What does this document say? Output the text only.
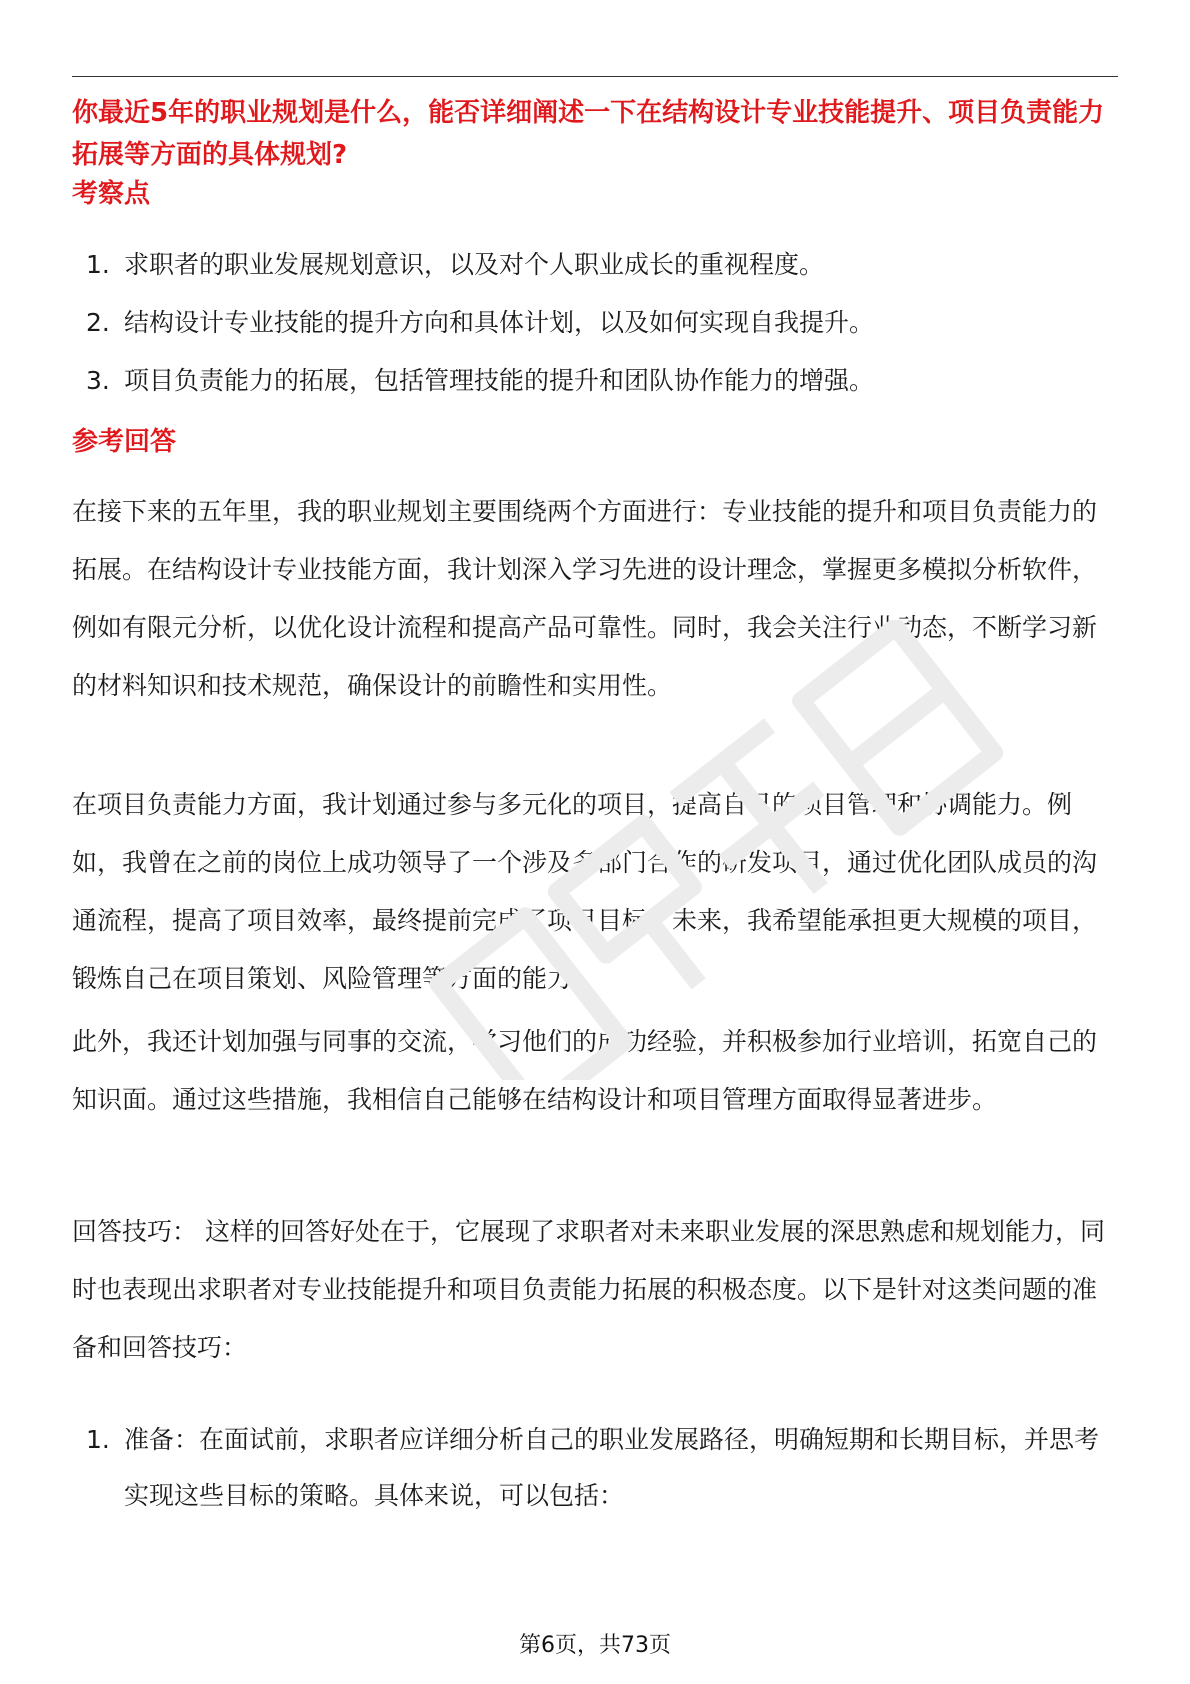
你最近5年的职业规划是什么，能否详细阐述一下在结构设计专业技能提升、项目负责能力拓展等方面的具体规划?
考察点
1. 求职者的职业发展规划意识，以及对个人职业成长的重视程度。
2. 结构设计专业技能的提升方向和具体计划，以及如何实现自我提升。
3. 项目负责能力的拓展，包括管理技能的提升和团队协作能力的增强。
参考回答

在接下来的五年里，我的职业规划主要围绕两个方面进行：专业技能的提升和项目负责能力的拓展。在结构设计专业技能方面，我计划深入学习先进的设计理念，掌握更多模拟分析软件，例如有限元分析，以优化设计流程和提高产品可靠性。同时，我会关注行业动态，不断学习新的材料知识和技术规范，确保设计的前瞻性和实用性。

在项目负责能力方面，我计划通过参与多元化的项目，提高自己的项目管理和协调能力。例如，我曾在之前的岗位上成功领导了一个涉及多部门合作的研发项目，通过优化团队成员的沟通流程，提高了项目效率，最终提前完成了项目目标。未来，我希望能承担更大规模的项目，锻炼自己在项目策划、风险管理等方面的能力。

此外，我还计划加强与同事的交流，学习他们的成功经验，并积极参加行业培训，拓宽自己的知识面。通过这些措施，我相信自己能够在结构设计和项目管理方面取得显著进步。

回答技巧： 这样的回答好处在于，它展现了求职者对未来职业发展的深思熟虑和规划能力，同时也表现出求职者对专业技能提升和项目负责能力拓展的积极态度。以下是针对这类问题的准备和回答技巧：

1. 准备：在面试前，求职者应详细分析自己的职业发展路径，明确短期和长期目标，并思考实现这些目标的策略。具体来说，可以包括：
第6页，共73页
